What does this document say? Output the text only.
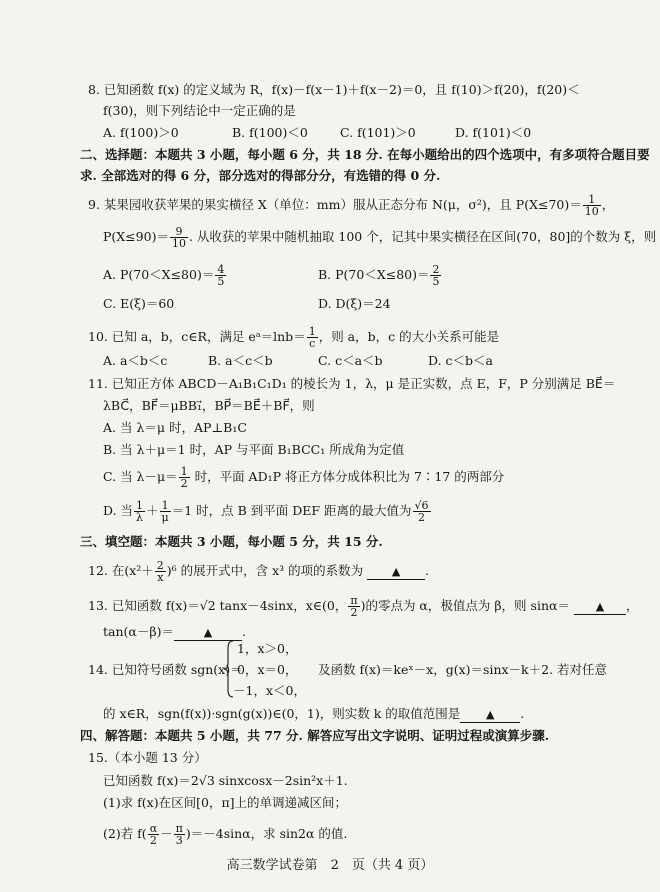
8. 已知函数 f(x) 的定义域为 R，f(x)－f(x－1)＋f(x－2)＝0，且 f(10)＞f(20)，f(20)＜
f(30)，则下列结论中一定正确的是
A. f(100)＞0	B. f(100)＜0	C. f(101)＞0	D. f(101)＜0
二、选择题：本题共 3 小题，每小题 6 分，共 18 分. 在每小题给出的四个选项中，有多项符合题目要
求. 全部选对的得 6 分，部分选对的得部分分，有选错的得 0 分.
9. 某果园收获苹果的果实横径 X（单位：mm）服从正态分布 N(μ，σ²)，且 $P(X\le 70)= \frac{1}{10}$ ，
$P(X\le 90)= \frac{9}{10}$ . 从收获的苹果中随机抽取 100 个，记其中果实横径在区间(70，80]的个数为 ξ，则
A. $P(70<X\le 80)= \frac{4}{5}$	B. $P(70<X\le 80)= \frac{2}{5}$
C. E(ξ)＝60	D. D(ξ)＝24
10. 已知 a，b，c∈R，满足 eᵃ＝lnb＝ $\frac{1}{c}$ ，则 a，b，c 的大小关系可能是
A. a＜b＜c	B. a＜c＜b	C. c＜a＜b	D. c＜b＜a
11. 已知正方体 ABCD－A₁B₁C₁D₁ 的棱长为 1，λ，μ 是正实数，点 E，F，P 分别满足 BE⃗＝
λBC⃗，BF⃗＝μBB₁⃗，BP⃗＝BE⃗＋BF⃗，则
A. 当 λ＝μ 时，AP⊥B₁C
B. 当 λ＋μ＝1 时，AP 与平面 B₁BCC₁ 所成角为定值
C. 当 $\lambda-\mu= \frac{1}{2}$ 时，平面 AD₁P 将正方体分成体积比为 7∶17 的两部分
D. 当 $\frac{1}{\lambda} + \frac{1}{\mu} =1$ 时，点 B 到平面 DEF 距离的最大值为 $\frac{√6}{2}$
三、填空题：本题共 3 小题，每小题 5 分，共 15 分.
12. 在$(x^2+ \frac{2}{x} )^6$ 的展开式中，含 x³ 的项的系数为	▲ .
13. 已知函数 f(x)＝√2 tanx－4sinx，x∈(0， $\frac{\pi}{2}$ )的零点为 α，极值点为 β，则 sinα＝ ▲ ，
tan(α－β)＝	▲ .
14. 已知符号函数 sgn(x)＝
1，x＞0，
0，x＝0，
－1，x＜0，
及函数 f(x)＝keˣ－x，g(x)＝sinx－k＋2. 若对任意
的 x∈R，sgn(f(x))·sgn(g(x))∈(0，1)，则实数 k 的取值范围是 ▲ .
四、解答题：本题共 5 小题，共 77 分. 解答应写出文字说明、证明过程或演算步骤.
15.（本小题 13 分）
已知函数 f(x)＝2√3 sinxcosx－2sin²x＋1.
(1)求 f(x)在区间[0，π]上的单调递减区间；
(2)若 $f( \frac{\alpha}{2} - \frac{\pi}{3} )=-4\sin\alpha$，求 sin2α 的值.
高三数学试卷第　2　页（共 4 页）
